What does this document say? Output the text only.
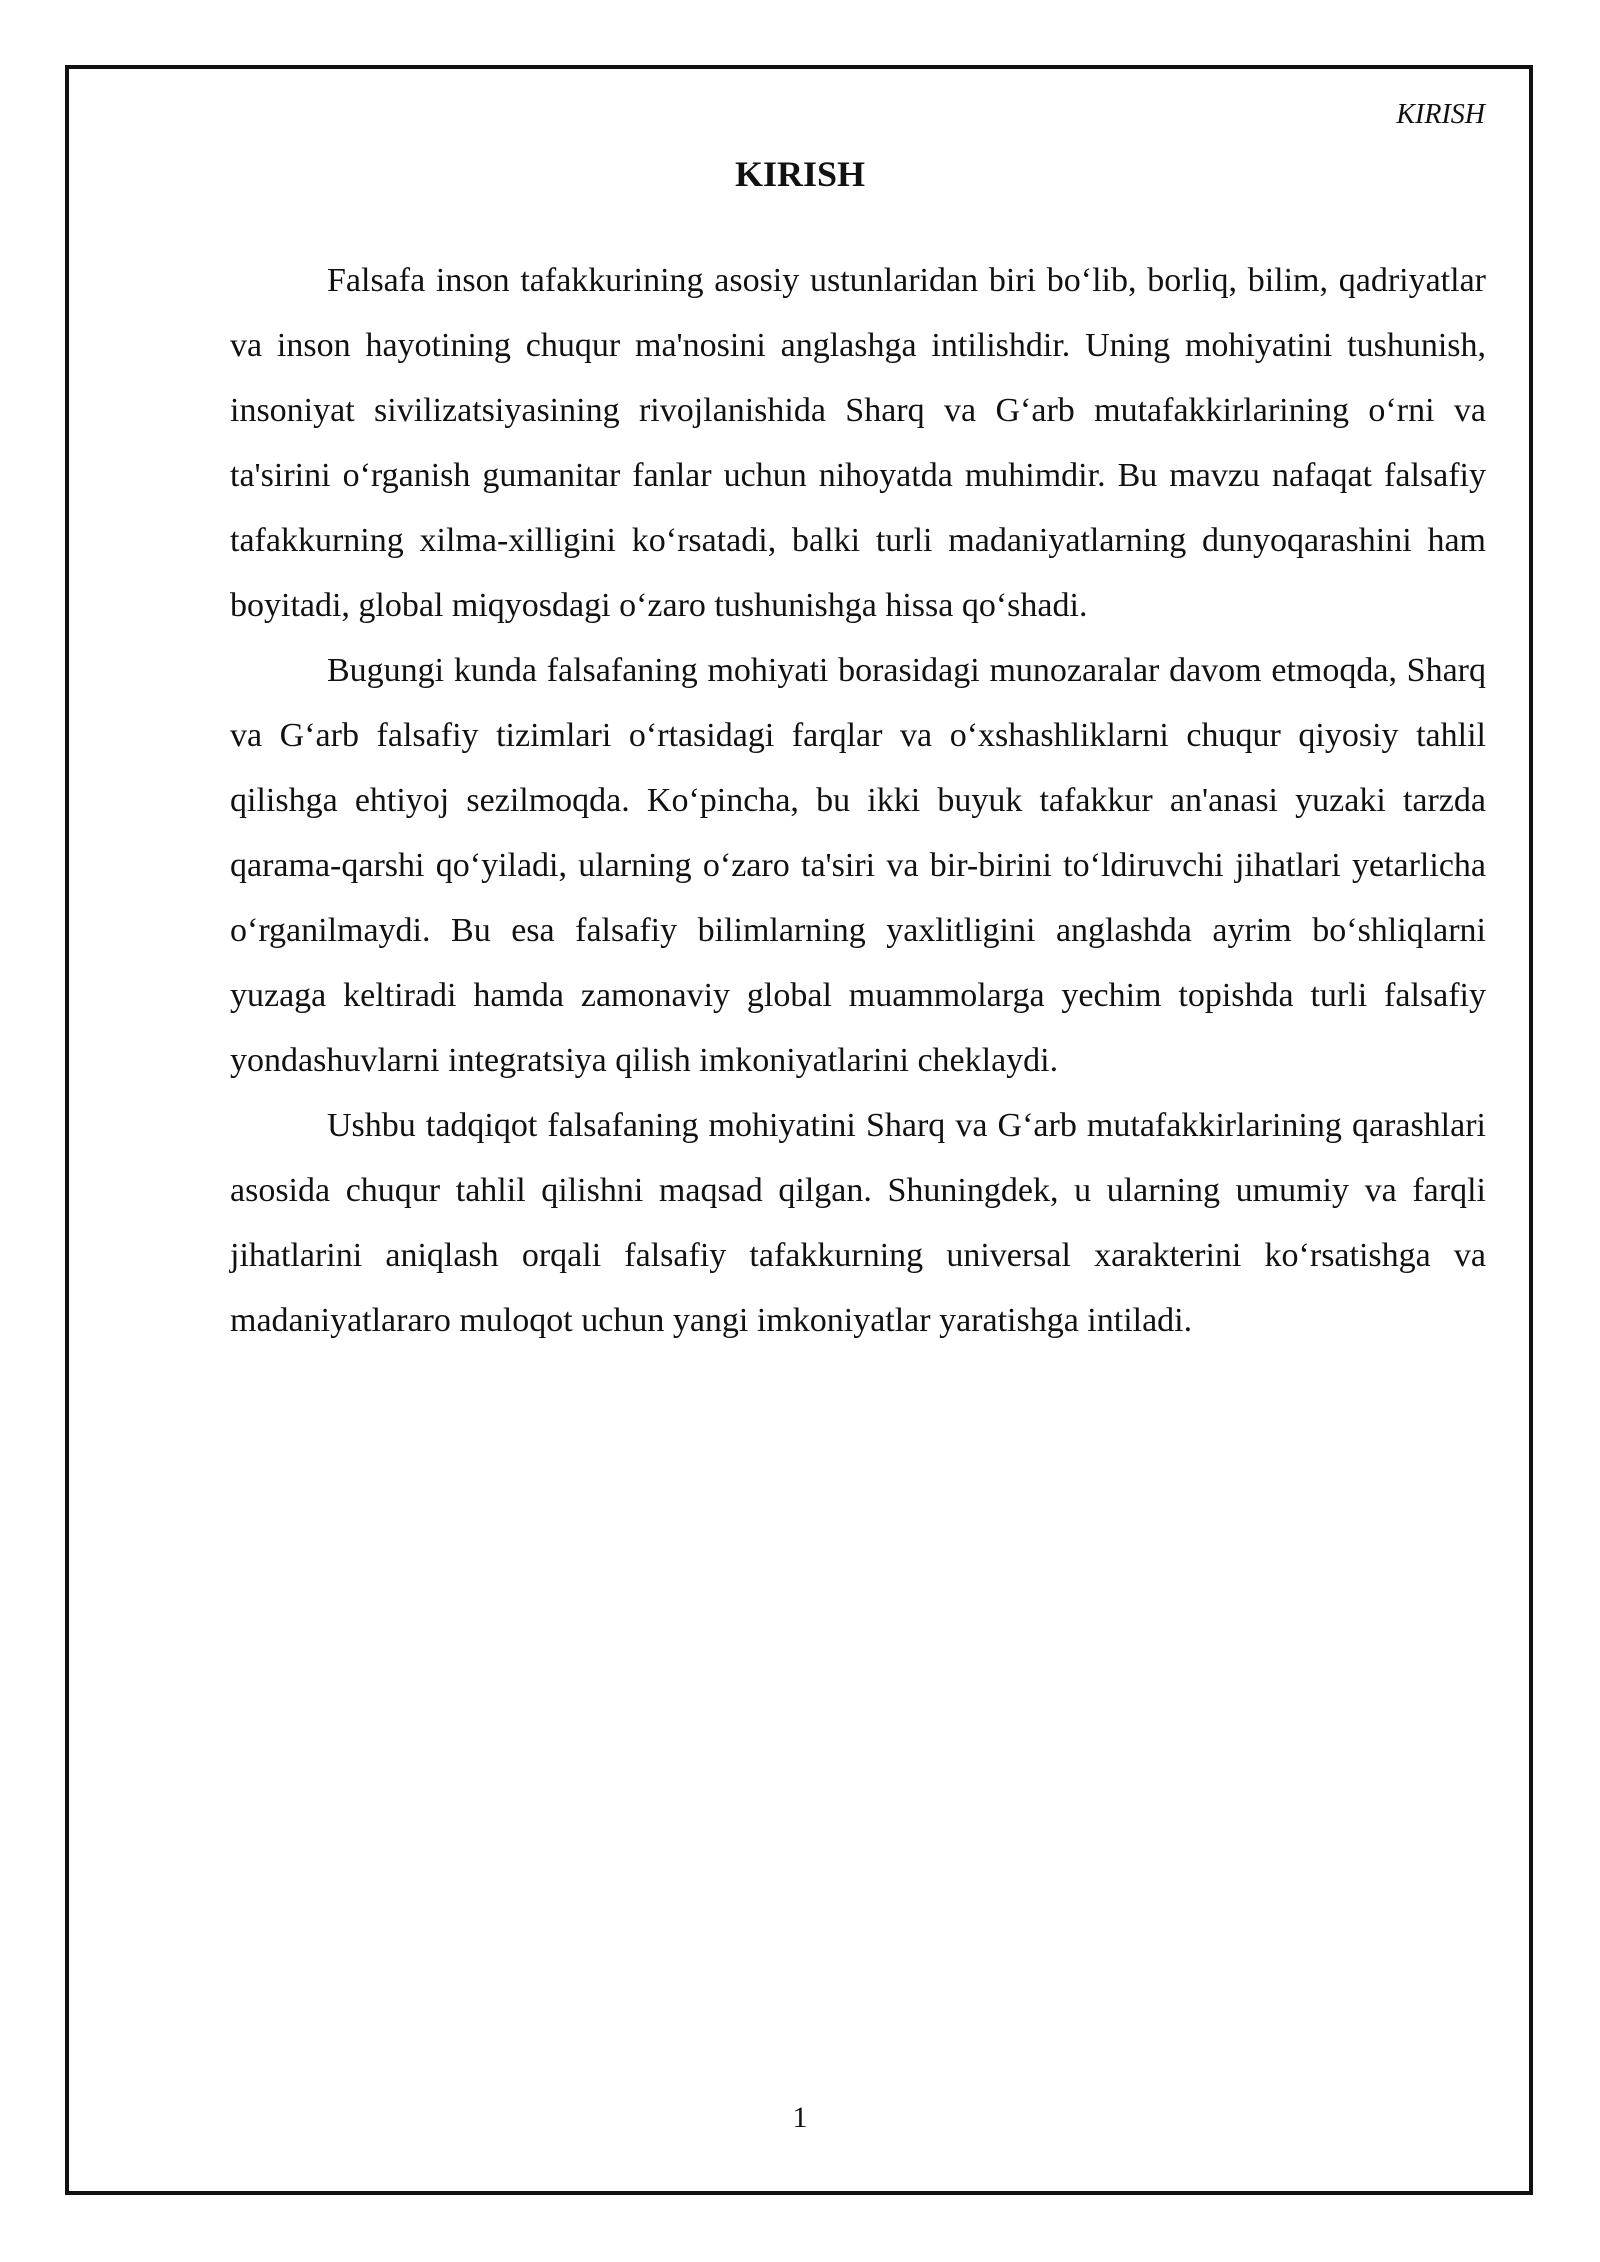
KIRISH

KIRISH

Falsafa inson tafakkurining asosiy ustunlaridan biri boʻlib, borliq, bilim, qadriyatlar va inson hayotining chuqur ma'nosini anglashga intilishdir. Uning mohiyatini tushunish, insoniyat sivilizatsiyasining rivojlanishida Sharq va Gʻarb mutafakkirlarining oʻrni va ta'sirini oʻrganish gumanitar fanlar uchun nihoyatda muhimdir. Bu mavzu nafaqat falsafiy tafakkurning xilma-xilligini koʻrsatadi, balki turli madaniyatlarning dunyoqarashini ham boyitadi, global miqyosdagi oʻzaro tushunishga hissa qoʻshadi.

Bugungi kunda falsafaning mohiyati borasidagi munozaralar davom etmoqda, Sharq va Gʻarb falsafiy tizimlari oʻrtasidagi farqlar va oʻxshashliklarni chuqur qiyosiy tahlil qilishga ehtiyoj sezilmoqda. Koʻpincha, bu ikki buyuk tafakkur an'anasi yuzaki tarzda qarama-qarshi qoʻyiladi, ularning oʻzaro ta'siri va bir-birini toʻldiruvchi jihatlari yetarlicha oʻrganilmaydi. Bu esa falsafiy bilimlarning yaxlitligini anglashda ayrim boʻshliqlarni yuzaga keltiradi hamda zamonaviy global muammolarga yechim topishda turli falsafiy yondashuvlarni integratsiya qilish imkoniyatlarini cheklaydi.

Ushbu tadqiqot falsafaning mohiyatini Sharq va Gʻarb mutafakkirlarining qarashlari asosida chuqur tahlil qilishni maqsad qilgan. Shuningdek, u ularning umumiy va farqli jihatlarini aniqlash orqali falsafiy tafakkurning universal xarakterini koʻrsatishga va madaniyatlararo muloqot uchun yangi imkoniyatlar yaratishga intiladi.

1
